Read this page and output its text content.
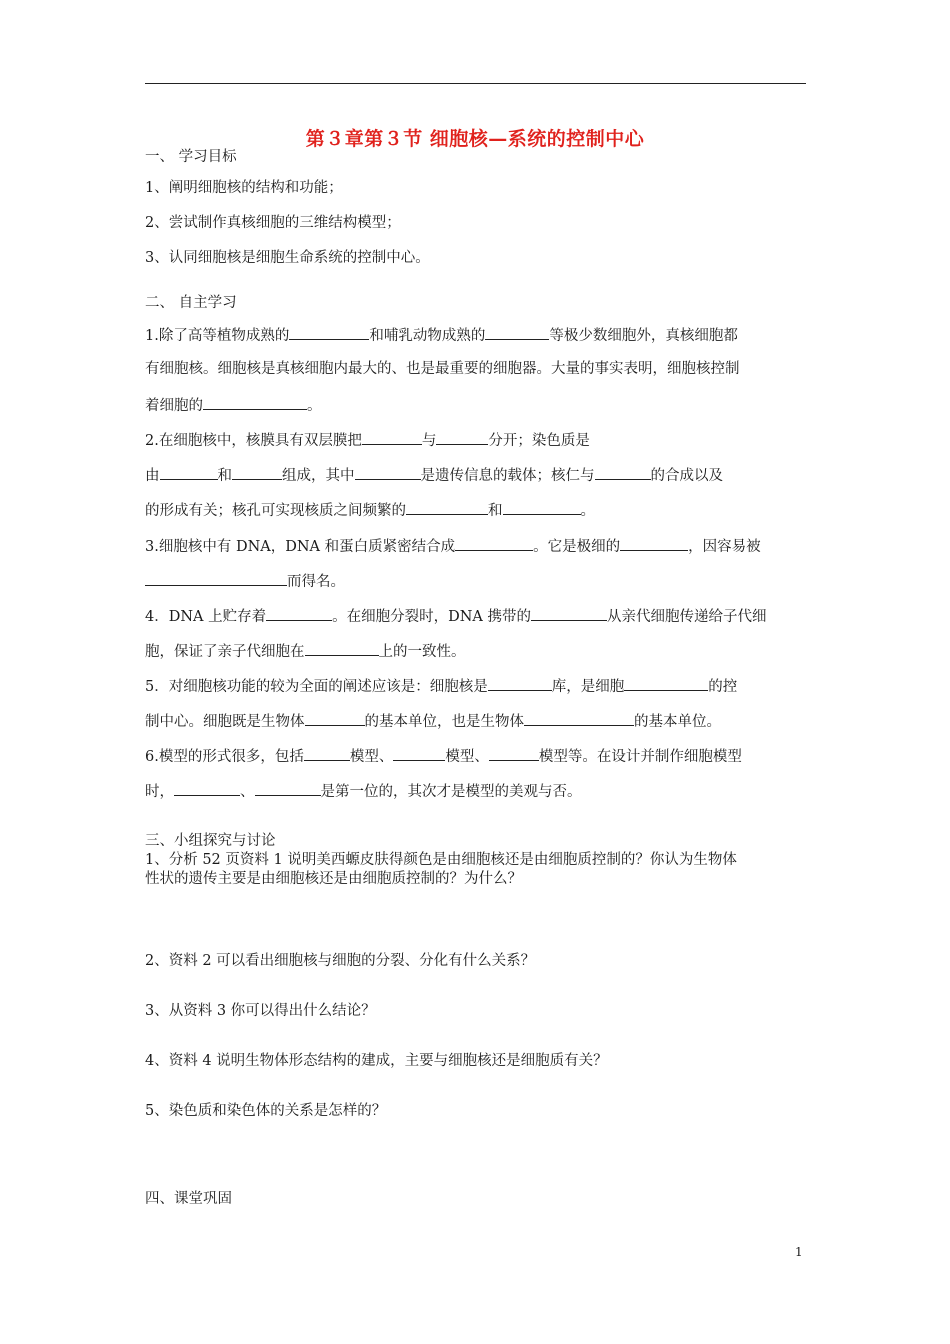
第３章第３节 细胞核—系统的控制中心
一、 学习目标
1、阐明细胞核的结构和功能；
2、尝试制作真核细胞的三维结构模型；
3、认同细胞核是细胞生命系统的控制中心。
二、 自主学习
1.除了高等植物成熟的	和哺乳动物成熟的	等极少数细胞外，真核细胞都
有细胞核。细胞核是真核细胞内最大的、也是最重要的细胞器。大量的事实表明，细胞核控制
着细胞的	。
2.在细胞核中，核膜具有双层膜把	与	分开；染色质是
由	和	组成，其中	是遗传信息的载体；核仁与	的合成以及
的形成有关；核孔可实现核质之间频繁的	和	。
3.细胞核中有 DNA，DNA 和蛋白质紧密结合成	。它是极细的	，因容易被
而得名。
4．DNA 上贮存着	。在细胞分裂时，DNA 携带的	从亲代细胞传递给子代细
胞，保证了亲子代细胞在	上的一致性。
5．对细胞核功能的较为全面的阐述应该是：细胞核是	库，是细胞	的控
制中心。细胞既是生物体	的基本单位，也是生物体	的基本单位。
6.模型的形式很多，包括	模型、	模型、	模型等。在设计并制作细胞模型
时，	、	是第一位的，其次才是模型的美观与否。
三、小组探究与讨论
1、分析 52 页资料 1 说明美西螈皮肤得颜色是由细胞核还是由细胞质控制的？你认为生物体
性状的遗传主要是由细胞核还是由细胞质控制的？为什么？
2、资料 2 可以看出细胞核与细胞的分裂、分化有什么关系？
3、从资料 3 你可以得出什么结论？
4、资料 4 说明生物体形态结构的建成，主要与细胞核还是细胞质有关？
5、染色质和染色体的关系是怎样的？
四、课堂巩固
1
